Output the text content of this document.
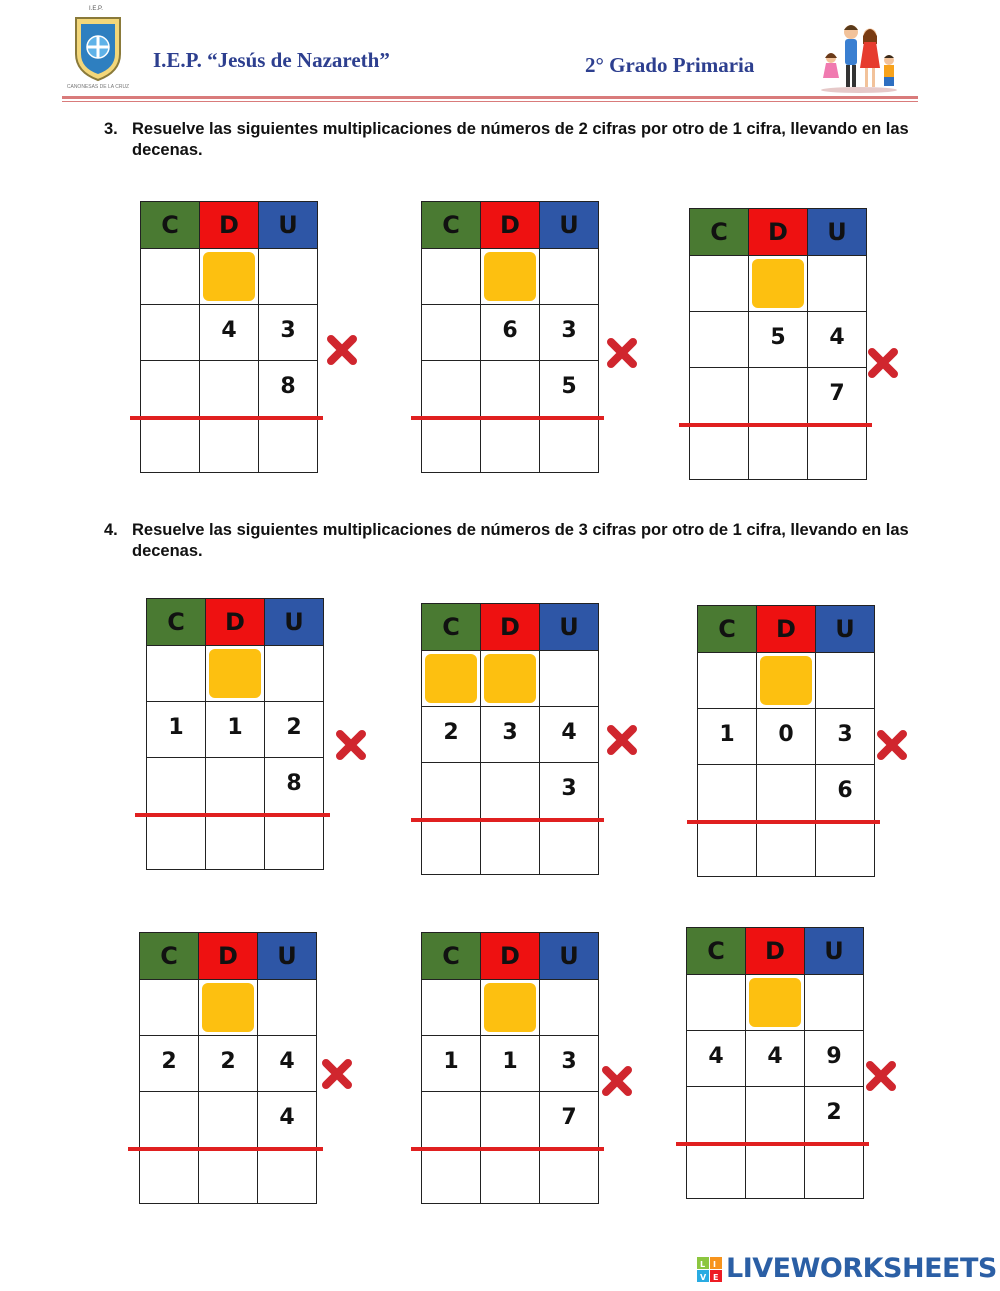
I.E.P.
CANONESAS DE LA CRUZ
I.E.P. “Jesús de Nazareth”	2° Grado Primaria
3. Resuelve las siguientes multiplicaciones de números de 2 cifras por otro de 1 cifra, llevando en las decenas.
4. Resuelve las siguientes multiplicaciones de números de 3 cifras por otro de 1 cifra, llevando en las decenas.
C	D	U

	4	3
		8

C	D	U

	6	3
		5

C	D	U

	5	4
		7

C	D	U

1	1	2
		8

C	D	U

2	3	4
		3

C	D	U

1	0	3
		6

C	D	U

2	2	4
		4

C	D	U

1	1	3
		7

C	D	U

4	4	9
		2

L I
V E LIVEWORKSHEETS
